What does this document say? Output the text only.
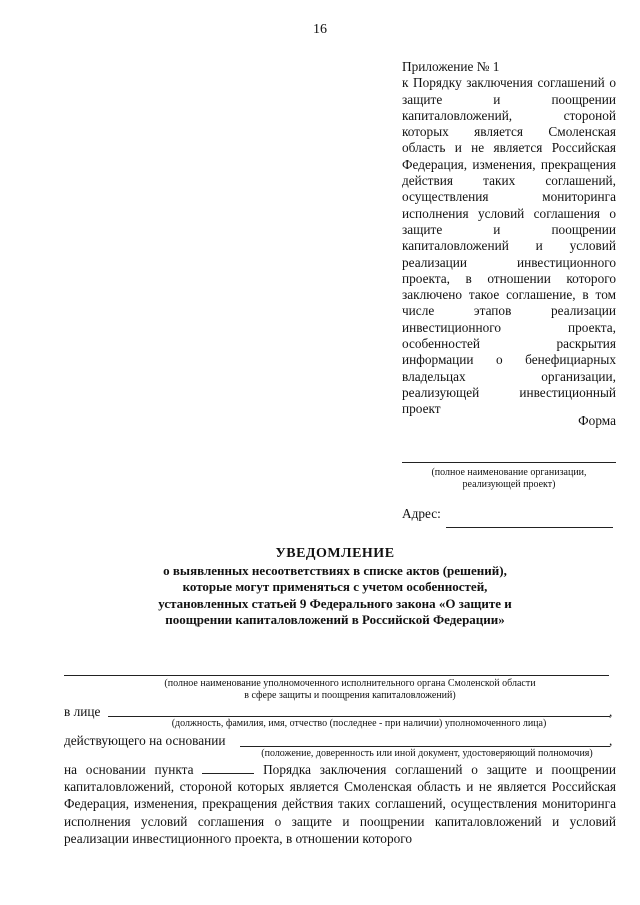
16
Приложение № 1
к Порядку заключения соглашений о защите и поощрении капиталовложений, стороной которых является Смоленская область и не является Российская Федерация, изменения, прекращения действия таких соглашений, осуществления мониторинга исполнения условий соглашения о защите и поощрении капиталовложений и условий реализации инвестиционного проекта, в отношении которого заключено такое соглашение, в том числе этапов реализации инвестиционного проекта, особенностей раскрытия информации о бенефициарных владельцах организации, реализующей инвестиционный проект
Форма
(полное наименование организации, реализующей проект)
Адрес:
УВЕДОМЛЕНИЕ
о выявленных несоответствиях в списке актов (решений), которые могут применяться с учетом особенностей, установленных статьей 9 Федерального закона «О защите и поощрении капиталовложений в Российской Федерации»
(полное наименование уполномоченного исполнительного органа Смоленской области
в сфере защиты и поощрения капиталовложений)
в лице	,
(должность, фамилия, имя, отчество (последнее - при наличии) уполномоченного лица)
действующего на основании	,
(положение, доверенность или иной документ, удостоверяющий полномочия)
на основании пункта	Порядка заключения соглашений о защите и поощрении капиталовложений, стороной которых является Смоленская область и не является Российская Федерация, изменения, прекращения действия таких соглашений, осуществления мониторинга исполнения условий соглашения о защите и поощрении капиталовложений и условий реализации инвестиционного проекта, в отношении которого
